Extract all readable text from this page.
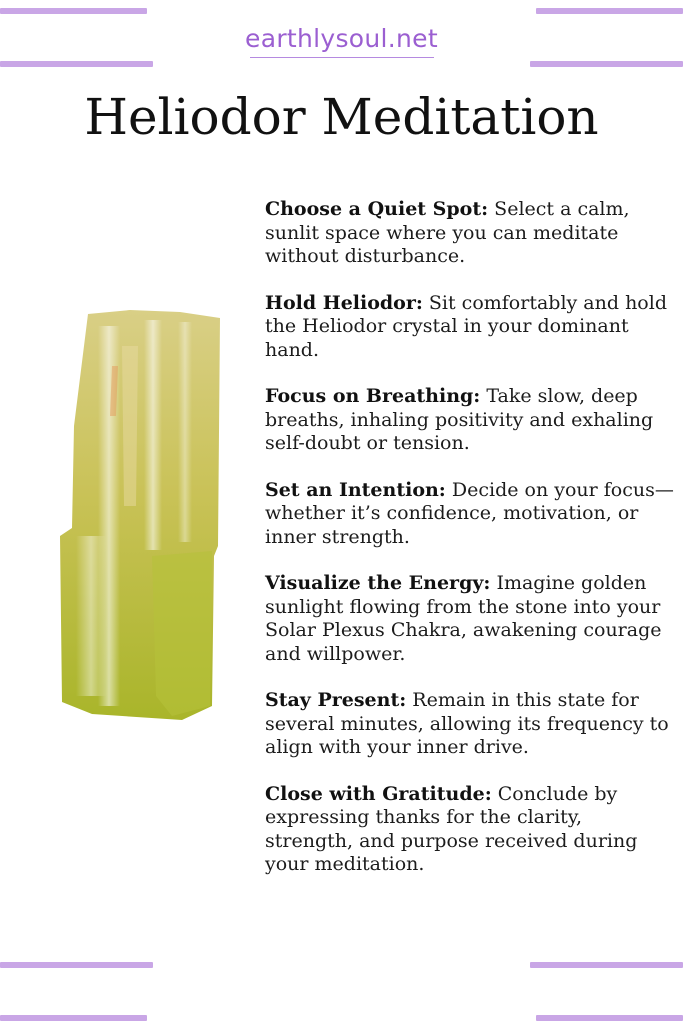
earthlysoul.net
Heliodor Meditation
Choose a Quiet Spot: Select a calm, sunlit space where you can meditate without disturbance.
Hold Heliodor: Sit comfortably and hold the Heliodor crystal in your dominant hand.
Focus on Breathing: Take slow, deep breaths, inhaling positivity and exhaling self-doubt or tension.
Set an Intention: Decide on your focus—whether it’s confidence, motivation, or inner strength.
Visualize the Energy: Imagine golden sunlight flowing from the stone into your Solar Plexus Chakra, awakening courage and willpower.
Stay Present: Remain in this state for several minutes, allowing its frequency to align with your inner drive.
Close with Gratitude: Conclude by expressing thanks for the clarity, strength, and purpose received during your meditation.
